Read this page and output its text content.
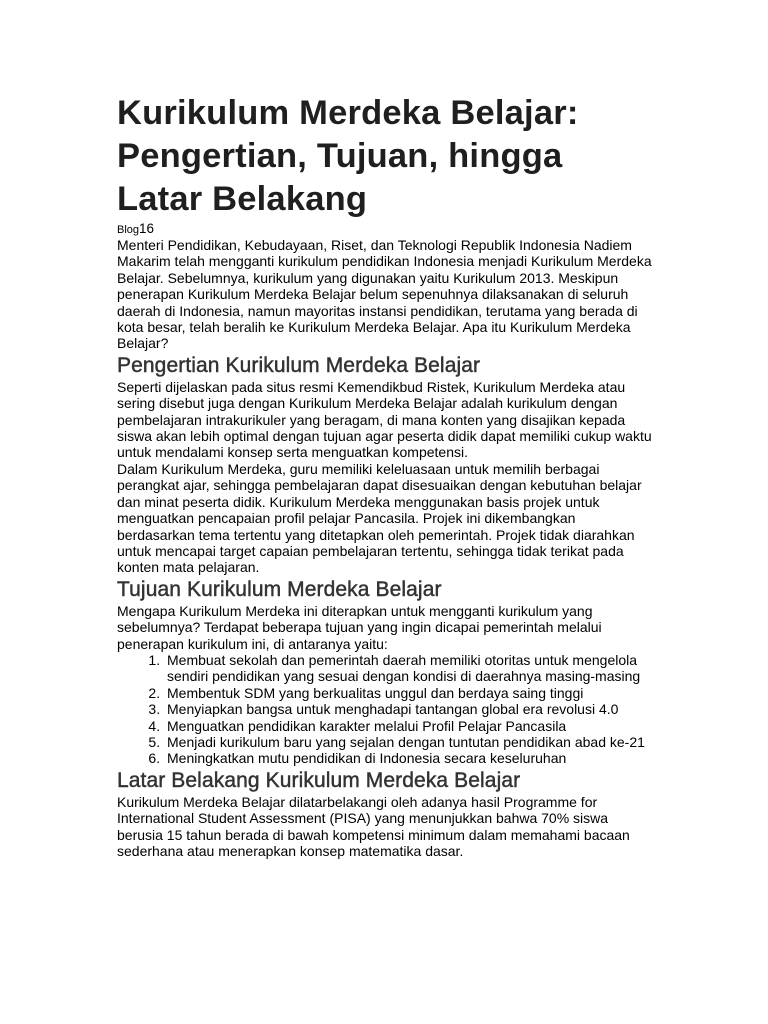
Kurikulum Merdeka Belajar: Pengertian, Tujuan, hingga Latar Belakang
Blog16

Menteri Pendidikan, Kebudayaan, Riset, dan Teknologi Republik Indonesia Nadiem Makarim telah mengganti kurikulum pendidikan Indonesia menjadi Kurikulum Merdeka Belajar. Sebelumnya, kurikulum yang digunakan yaitu Kurikulum 2013. Meskipun penerapan Kurikulum Merdeka Belajar belum sepenuhnya dilaksanakan di seluruh daerah di Indonesia, namun mayoritas instansi pendidikan, terutama yang berada di kota besar, telah beralih ke Kurikulum Merdeka Belajar. Apa itu Kurikulum Merdeka Belajar?

Pengertian Kurikulum Merdeka Belajar

Seperti dijelaskan pada situs resmi Kemendikbud Ristek, Kurikulum Merdeka atau sering disebut juga dengan Kurikulum Merdeka Belajar adalah kurikulum dengan pembelajaran intrakurikuler yang beragam, di mana konten yang disajikan kepada siswa akan lebih optimal dengan tujuan agar peserta didik dapat memiliki cukup waktu untuk mendalami konsep serta menguatkan kompetensi.

Dalam Kurikulum Merdeka, guru memiliki keleluasaan untuk memilih berbagai perangkat ajar, sehingga pembelajaran dapat disesuaikan dengan kebutuhan belajar dan minat peserta didik. Kurikulum Merdeka menggunakan basis projek untuk menguatkan pencapaian profil pelajar Pancasila. Projek ini dikembangkan berdasarkan tema tertentu yang ditetapkan oleh pemerintah. Projek tidak diarahkan untuk mencapai target capaian pembelajaran tertentu, sehingga tidak terikat pada konten mata pelajaran.

Tujuan Kurikulum Merdeka Belajar

Mengapa Kurikulum Merdeka ini diterapkan untuk mengganti kurikulum yang sebelumnya? Terdapat beberapa tujuan yang ingin dicapai pemerintah melalui penerapan kurikulum ini, di antaranya yaitu:

1. Membuat sekolah dan pemerintah daerah memiliki otoritas untuk mengelola sendiri pendidikan yang sesuai dengan kondisi di daerahnya masing-masing
2. Membentuk SDM yang berkualitas unggul dan berdaya saing tinggi
3. Menyiapkan bangsa untuk menghadapi tantangan global era revolusi 4.0
4. Menguatkan pendidikan karakter melalui Profil Pelajar Pancasila
5. Menjadi kurikulum baru yang sejalan dengan tuntutan pendidikan abad ke-21
6. Meningkatkan mutu pendidikan di Indonesia secara keseluruhan
Latar Belakang Kurikulum Merdeka Belajar

Kurikulum Merdeka Belajar dilatarbelakangi oleh adanya hasil Programme for International Student Assessment (PISA) yang menunjukkan bahwa 70% siswa berusia 15 tahun berada di bawah kompetensi minimum dalam memahami bacaan sederhana atau menerapkan konsep matematika dasar.
